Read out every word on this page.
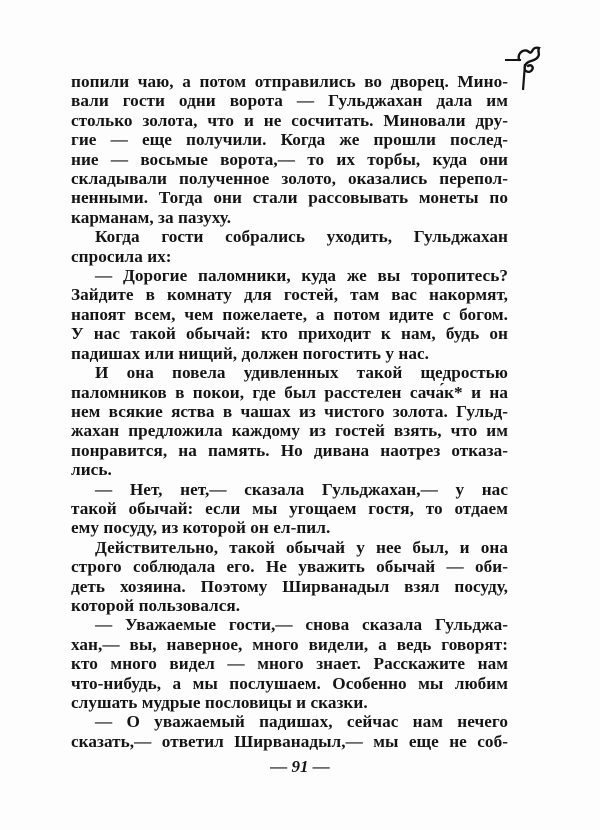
попили чаю, а потом отправились во дворец. Мино-
вали гости одни ворота — Гульджахан дала им
столько золота, что и не сосчитать. Миновали дру-
гие — еще получили. Когда же прошли послед-
ние — восьмые ворота,— то их торбы, куда они
складывали полученное золото, оказались перепол-
ненными. Тогда они стали рассовывать монеты по
карманам, за пазуху.
Когда гости собрались уходить, Гульджахан
спросила их:
— Дорогие паломники, куда же вы торопитесь?
Зайдите в комнату для гостей, там вас накормят,
напоят всем, чем пожелаете, а потом идите с богом.
У нас такой обычай: кто приходит к нам, будь он
падишах или нищий, должен погостить у нас.
И она повела удивленных такой щедростью
паломников в покои, где был расстелен сача́к* и на
нем всякие яства в чашах из чистого золота. Гульд-
жахан предложила каждому из гостей взять, что им
понравится, на память. Но дивана наотрез отказа-
лись.
— Нет, нет,— сказала Гульджахан,— у нас
такой обычай: если мы угощаем гостя, то отдаем
ему посуду, из которой он ел-пил.
Действительно, такой обычай у нее был, и она
строго соблюдала его. Не уважить обычай — оби-
деть хозяина. Поэтому Ширванадыл взял посуду,
которой пользовался.
— Уважаемые гости,— снова сказала Гульджа-
хан,— вы, наверное, много видели, а ведь говорят:
кто много видел — много знает. Расскажите нам
что-нибудь, а мы послушаем. Особенно мы любим
слушать мудрые пословицы и сказки.
— О уважаемый падишах, сейчас нам нечего
сказать,— ответил Ширванадыл,— мы еще не соб-
— 91 —
